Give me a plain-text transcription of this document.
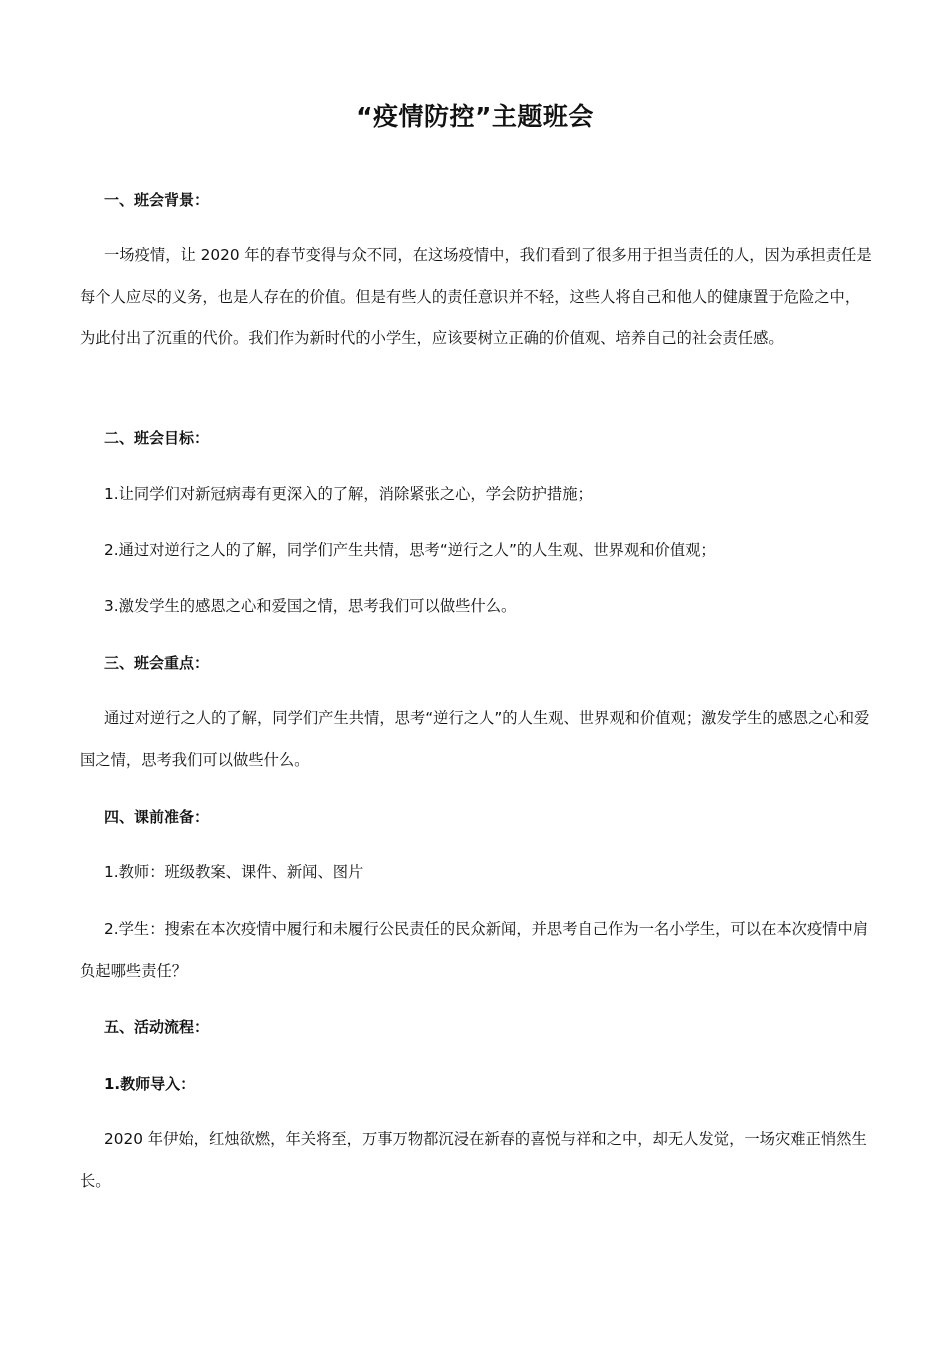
“疫情防控”主题班会
一、班会背景：

一场疫情，让 2020 年的春节变得与众不同，在这场疫情中，我们看到了很多用于担当责任的人，因为承担责任是每个人应尽的义务，也是人存在的价值。但是有些人的责任意识并不轻，这些人将自己和他人的健康置于危险之中，为此付出了沉重的代价。我们作为新时代的小学生，应该要树立正确的价值观、培养自己的社会责任感。

二、班会目标：

1.让同学们对新冠病毒有更深入的了解，消除紧张之心，学会防护措施；

2.通过对逆行之人的了解，同学们产生共情，思考“逆行之人”的人生观、世界观和价值观；

3.激发学生的感恩之心和爱国之情，思考我们可以做些什么。

三、班会重点：

通过对逆行之人的了解，同学们产生共情，思考“逆行之人”的人生观、世界观和价值观；激发学生的感恩之心和爱国之情，思考我们可以做些什么。

四、课前准备：

1.教师：班级教案、课件、新闻、图片

2.学生：搜索在本次疫情中履行和未履行公民责任的民众新闻，并思考自己作为一名小学生，可以在本次疫情中肩负起哪些责任？

五、活动流程：
1.教师导入：

2020 年伊始，红烛欲燃，年关将至，万事万物都沉浸在新春的喜悦与祥和之中，却无人发觉，一场灾难正悄然生长。
